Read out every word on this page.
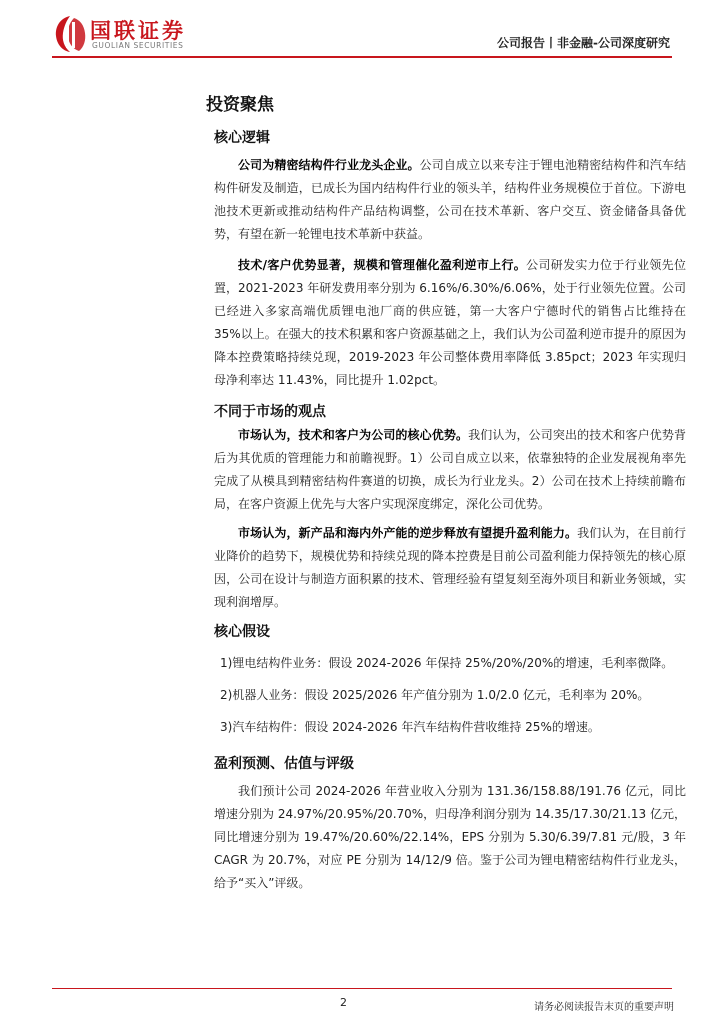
国联证券
GUOLIAN SECURITIES	公司报告丨非金融-公司深度研究
投资聚焦
核心逻辑

公司为精密结构件行业龙头企业。公司自成立以来专注于锂电池精密结构件和汽车结构件研发及制造，已成长为国内结构件行业的领头羊，结构件业务规模位于首位。下游电池技术更新或推动结构件产品结构调整，公司在技术革新、客户交互、资金储备具备优势，有望在新一轮锂电技术革新中获益。

技术/客户优势显著，规模和管理催化盈利逆市上行。公司研发实力位于行业领先位置，2021-2023 年研发费用率分别为 6.16%/6.30%/6.06%，处于行业领先位置。公司已经进入多家高端优质锂电池厂商的供应链，第一大客户宁德时代的销售占比维持在 35%以上。在强大的技术积累和客户资源基础之上，我们认为公司盈利逆市提升的原因为降本控费策略持续兑现，2019-2023 年公司整体费用率降低 3.85pct；2023 年实现归母净利率达 11.43%，同比提升 1.02pct。

不同于市场的观点

市场认为，技术和客户为公司的核心优势。我们认为，公司突出的技术和客户优势背后为其优质的管理能力和前瞻视野。1）公司自成立以来，依靠独特的企业发展视角率先完成了从模具到精密结构件赛道的切换，成长为行业龙头。2）公司在技术上持续前瞻布局，在客户资源上优先与大客户实现深度绑定，深化公司优势。

市场认为，新产品和海内外产能的逆步释放有望提升盈利能力。我们认为，在目前行业降价的趋势下，规模优势和持续兑现的降本控费是目前公司盈利能力保持领先的核心原因，公司在设计与制造方面积累的技术、管理经验有望复刻至海外项目和新业务领域，实现利润增厚。

核心假设

1)锂电结构件业务：假设 2024-2026 年保持 25%/20%/20%的增速，毛利率微降。

2)机器人业务：假设 2025/2026 年产值分别为 1.0/2.0 亿元，毛利率为 20%。

3)汽车结构件：假设 2024-2026 年汽车结构件营收维持 25%的增速。

盈利预测、估值与评级

我们预计公司 2024-2026 年营业收入分别为 131.36/158.88/191.76 亿元，同比增速分别为 24.97%/20.95%/20.70%，归母净利润分别为 14.35/17.30/21.13 亿元，同比增速分别为 19.47%/20.60%/22.14%，EPS 分别为 5.30/6.39/7.81 元/股，3 年 CAGR 为 20.7%，对应 PE 分别为 14/12/9 倍。鉴于公司为锂电精密结构件行业龙头，给予“买入”评级。

2	请务必阅读报告末页的重要声明
